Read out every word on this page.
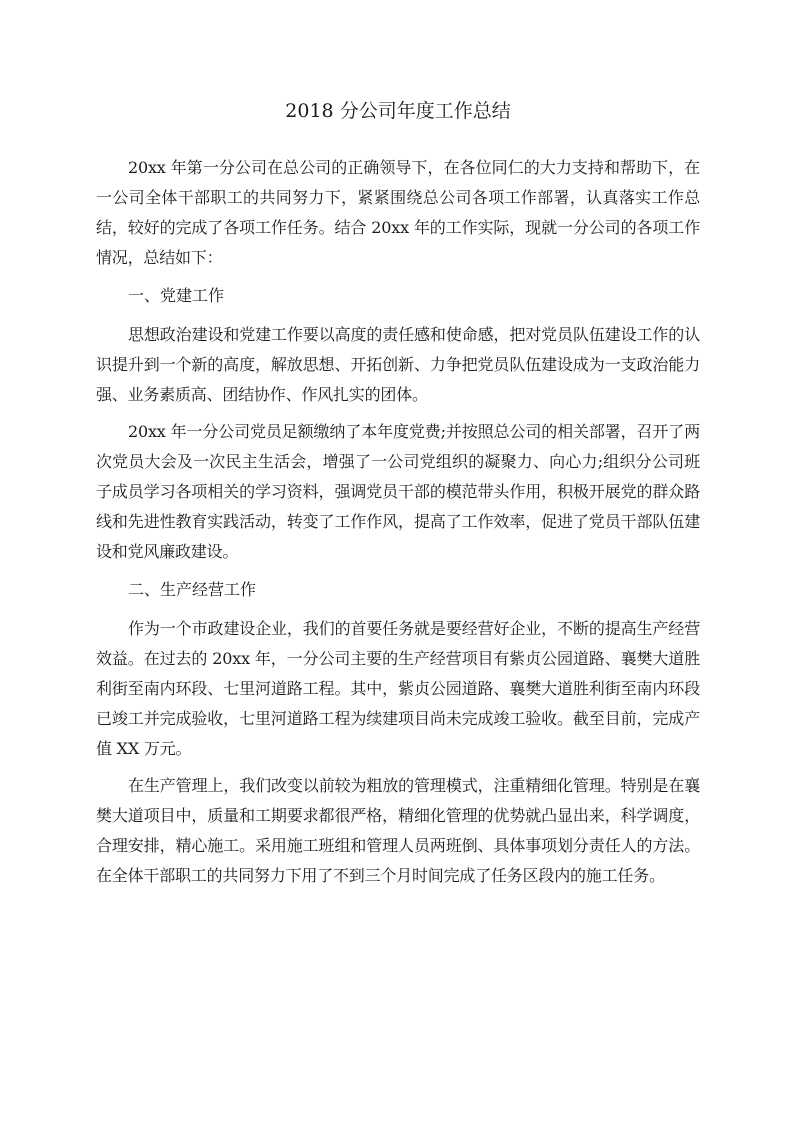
2018 分公司年度工作总结

20xx 年第一分公司在总公司的正确领导下，在各位同仁的大力支持和帮助下，在一公司全体干部职工的共同努力下，紧紧围绕总公司各项工作部署，认真落实工作总结，较好的完成了各项工作任务。结合 20xx 年的工作实际，现就一分公司的各项工作情况，总结如下：

一、党建工作

思想政治建设和党建工作要以高度的责任感和使命感，把对党员队伍建设工作的认识提升到一个新的高度，解放思想、开拓创新、力争把党员队伍建设成为一支政治能力强、业务素质高、团结协作、作风扎实的团体。

20xx 年一分公司党员足额缴纳了本年度党费;并按照总公司的相关部署，召开了两次党员大会及一次民主生活会，增强了一公司党组织的凝聚力、向心力;组织分公司班子成员学习各项相关的学习资料，强调党员干部的模范带头作用，积极开展党的群众路线和先进性教育实践活动，转变了工作作风，提高了工作效率，促进了党员干部队伍建设和党风廉政建设。

二、生产经营工作

作为一个市政建设企业，我们的首要任务就是要经营好企业，不断的提高生产经营效益。在过去的 20xx 年，一分公司主要的生产经营项目有紫贞公园道路、襄樊大道胜利街至南内环段、七里河道路工程。其中，紫贞公园道路、襄樊大道胜利街至南内环段已竣工并完成验收，七里河道路工程为续建项目尚未完成竣工验收。截至目前，完成产值 XX 万元。

在生产管理上，我们改变以前较为粗放的管理模式，注重精细化管理。特别是在襄樊大道项目中，质量和工期要求都很严格，精细化管理的优势就凸显出来，科学调度，合理安排，精心施工。采用施工班组和管理人员两班倒、具体事项划分责任人的方法。在全体干部职工的共同努力下用了不到三个月时间完成了任务区段内的施工任务。
